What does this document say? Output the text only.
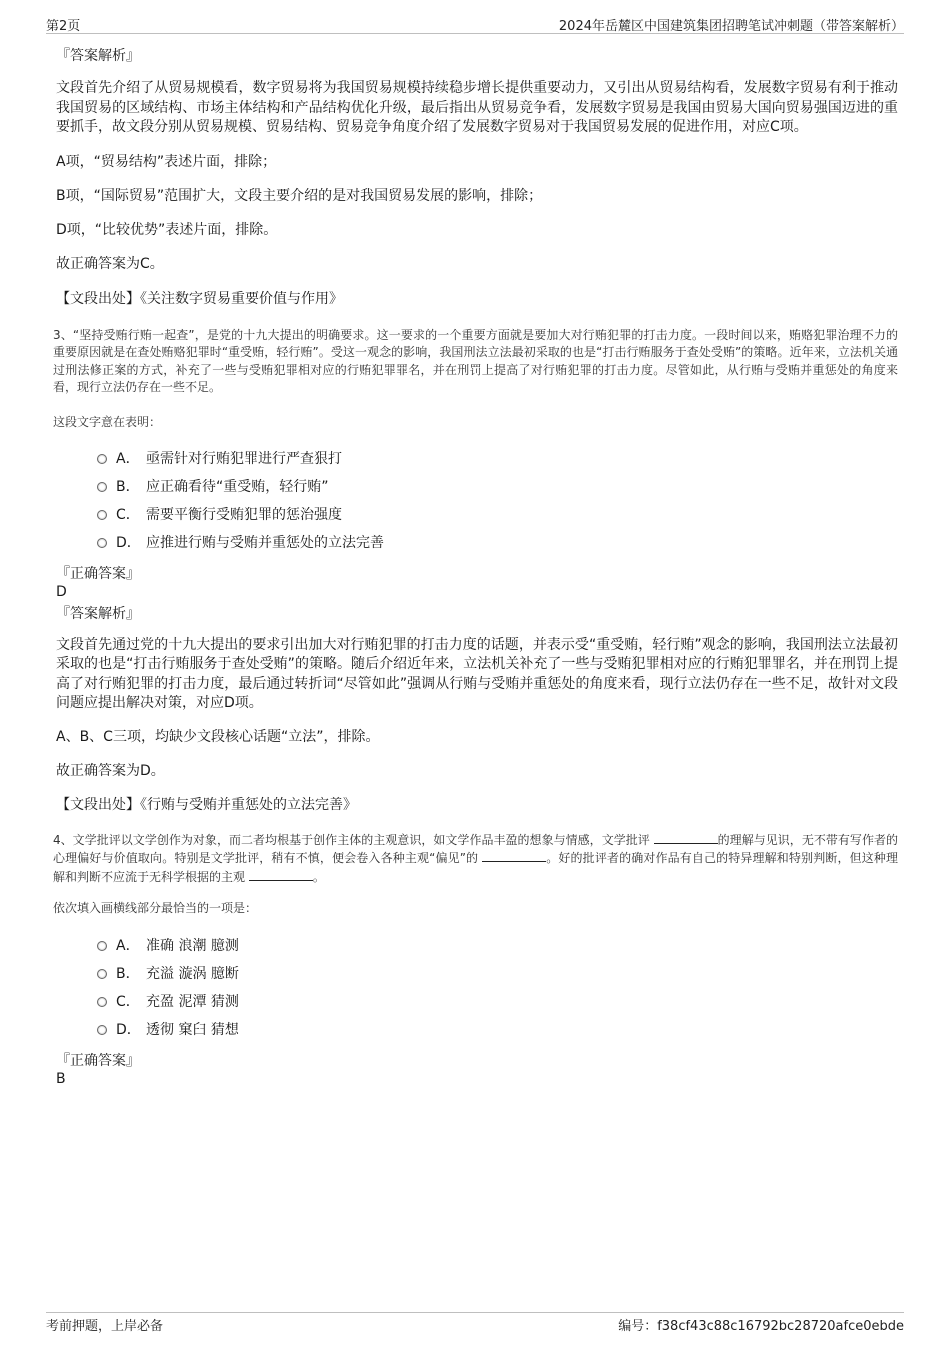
第2页	2024年岳麓区中国建筑集团招聘笔试冲刺题（带答案解析）

『答案解析』

文段首先介绍了从贸易规模看，数字贸易将为我国贸易规模持续稳步增长提供重要动力，又引出从贸易结构看，发展数字贸易有利于推动我国贸易的区域结构、市场主体结构和产品结构优化升级，最后指出从贸易竞争看，发展数字贸易是我国由贸易大国向贸易强国迈进的重要抓手，故文段分别从贸易规模、贸易结构、贸易竞争角度介绍了发展数字贸易对于我国贸易发展的促进作用，对应C项。

A项，“贸易结构”表述片面，排除；

B项，“国际贸易”范围扩大，文段主要介绍的是对我国贸易发展的影响，排除；

D项，“比较优势”表述片面，排除。

故正确答案为C。

【文段出处】《关注数字贸易重要价值与作用》

3、“坚持受贿行贿一起查”，是党的十九大提出的明确要求。这一要求的一个重要方面就是要加大对行贿犯罪的打击力度。一段时间以来，贿赂犯罪治理不力的重要原因就是在查处贿赂犯罪时“重受贿，轻行贿”。受这一观念的影响，我国刑法立法最初采取的也是“打击行贿服务于查处受贿”的策略。近年来，立法机关通过刑法修正案的方式，补充了一些与受贿犯罪相对应的行贿犯罪罪名，并在刑罚上提高了对行贿犯罪的打击力度。尽管如此，从行贿与受贿并重惩处的角度来看，现行立法仍存在一些不足。

这段文字意在表明：

A． 亟需针对行贿犯罪进行严查狠打
B． 应正确看待“重受贿，轻行贿”
C． 需要平衡行受贿犯罪的惩治强度
D． 应推进行贿与受贿并重惩处的立法完善

『正确答案』

D

『答案解析』

文段首先通过党的十九大提出的要求引出加大对行贿犯罪的打击力度的话题，并表示受“重受贿，轻行贿”观念的影响，我国刑法立法最初采取的也是“打击行贿服务于查处受贿”的策略。随后介绍近年来，立法机关补充了一些与受贿犯罪相对应的行贿犯罪罪名，并在刑罚上提高了对行贿犯罪的打击力度，最后通过转折词“尽管如此”强调从行贿与受贿并重惩处的角度来看，现行立法仍存在一些不足，故针对文段问题应提出解决对策，对应D项。

A、B、C三项，均缺少文段核心话题“立法”，排除。

故正确答案为D。

【文段出处】《行贿与受贿并重惩处的立法完善》

4、文学批评以文学创作为对象，而二者均根基于创作主体的主观意识，如文学作品丰盈的想象与情感，文学批评	的理解与见识，无不带有写作者的心理偏好与价值取向。特别是文学批评，稍有不慎，便会卷入各种主观“偏见”的	。好的批评者的确对作品有自己的特异理解和特别判断，但这种理解和判断不应流于无科学根据的主观	。

依次填入画横线部分最恰当的一项是：

A． 准确 浪潮 臆测
B． 充溢 漩涡 臆断
C． 充盈 泥潭 猜测
D． 透彻 窠臼 猜想

『正确答案』

B

考前押题，上岸必备	编号：f38cf43c88c16792bc28720afce0ebde
